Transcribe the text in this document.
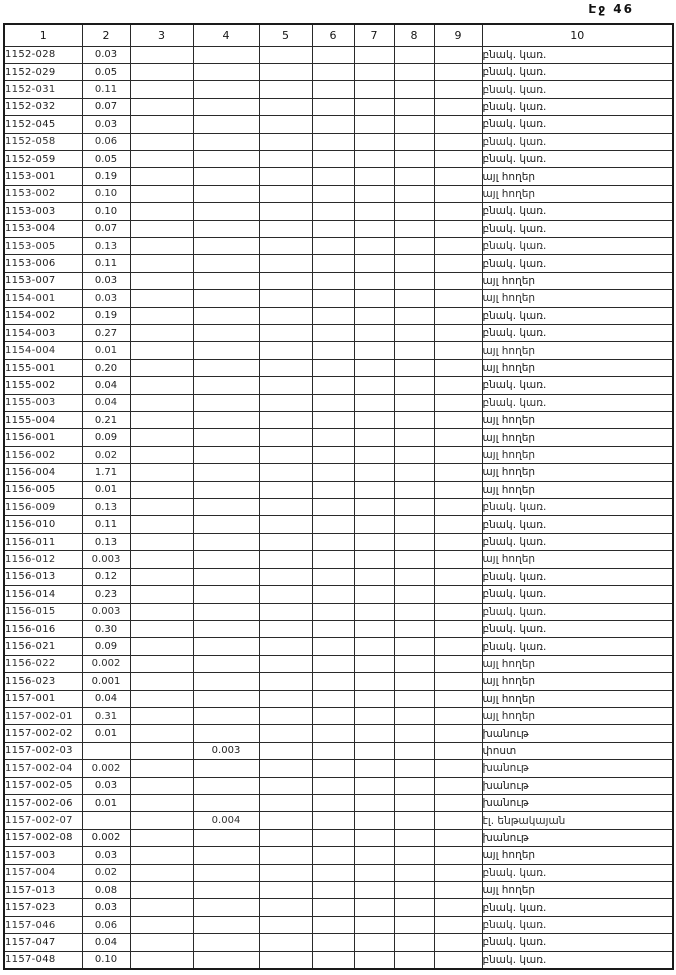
Էջ 46
1	2	3	4	5	6	7	8	9	10
1152-028	0.03								բնակ. կառ.
1152-029	0.05								բնակ. կառ.
1152-031	0.11								բնակ. կառ.
1152-032	0.07								բնակ. կառ.
1152-045	0.03								բնակ. կառ.
1152-058	0.06								բնակ. կառ.
1152-059	0.05								բնակ. կառ.
1153-001	0.19								այլ հողեր
1153-002	0.10								այլ հողեր
1153-003	0.10								բնակ. կառ.
1153-004	0.07								բնակ. կառ.
1153-005	0.13								բնակ. կառ.
1153-006	0.11								բնակ. կառ.
1153-007	0.03								այլ հողեր
1154-001	0.03								այլ հողեր
1154-002	0.19								բնակ. կառ.
1154-003	0.27								բնակ. կառ.
1154-004	0.01								այլ հողեր
1155-001	0.20								այլ հողեր
1155-002	0.04								բնակ. կառ.
1155-003	0.04								բնակ. կառ.
1155-004	0.21								այլ հողեր
1156-001	0.09								այլ հողեր
1156-002	0.02								այլ հողեր
1156-004	1.71								այլ հողեր
1156-005	0.01								այլ հողեր
1156-009	0.13								բնակ. կառ.
1156-010	0.11								բնակ. կառ.
1156-011	0.13								բնակ. կառ.
1156-012	0.003								այլ հողեր
1156-013	0.12								բնակ. կառ.
1156-014	0.23								բնակ. կառ.
1156-015	0.003								բնակ. կառ.
1156-016	0.30								բնակ. կառ.
1156-021	0.09								բնակ. կառ.
1156-022	0.002								այլ հողեր
1156-023	0.001								այլ հողեր
1157-001	0.04								այլ հողեր
1157-002-01	0.31								այլ հողեր
1157-002-02	0.01								խանութ
1157-002-03			0.003						փոստ
1157-002-04	0.002								խանութ
1157-002-05	0.03								խանութ
1157-002-06	0.01								խանութ
1157-002-07			0.004						էլ. ենթակայան
1157-002-08	0.002								խանութ
1157-003	0.03								այլ հողեր
1157-004	0.02								բնակ. կառ.
1157-013	0.08								այլ հողեր
1157-023	0.03								բնակ. կառ.
1157-046	0.06								բնակ. կառ.
1157-047	0.04								բնակ. կառ.
1157-048	0.10								բնակ. կառ.
